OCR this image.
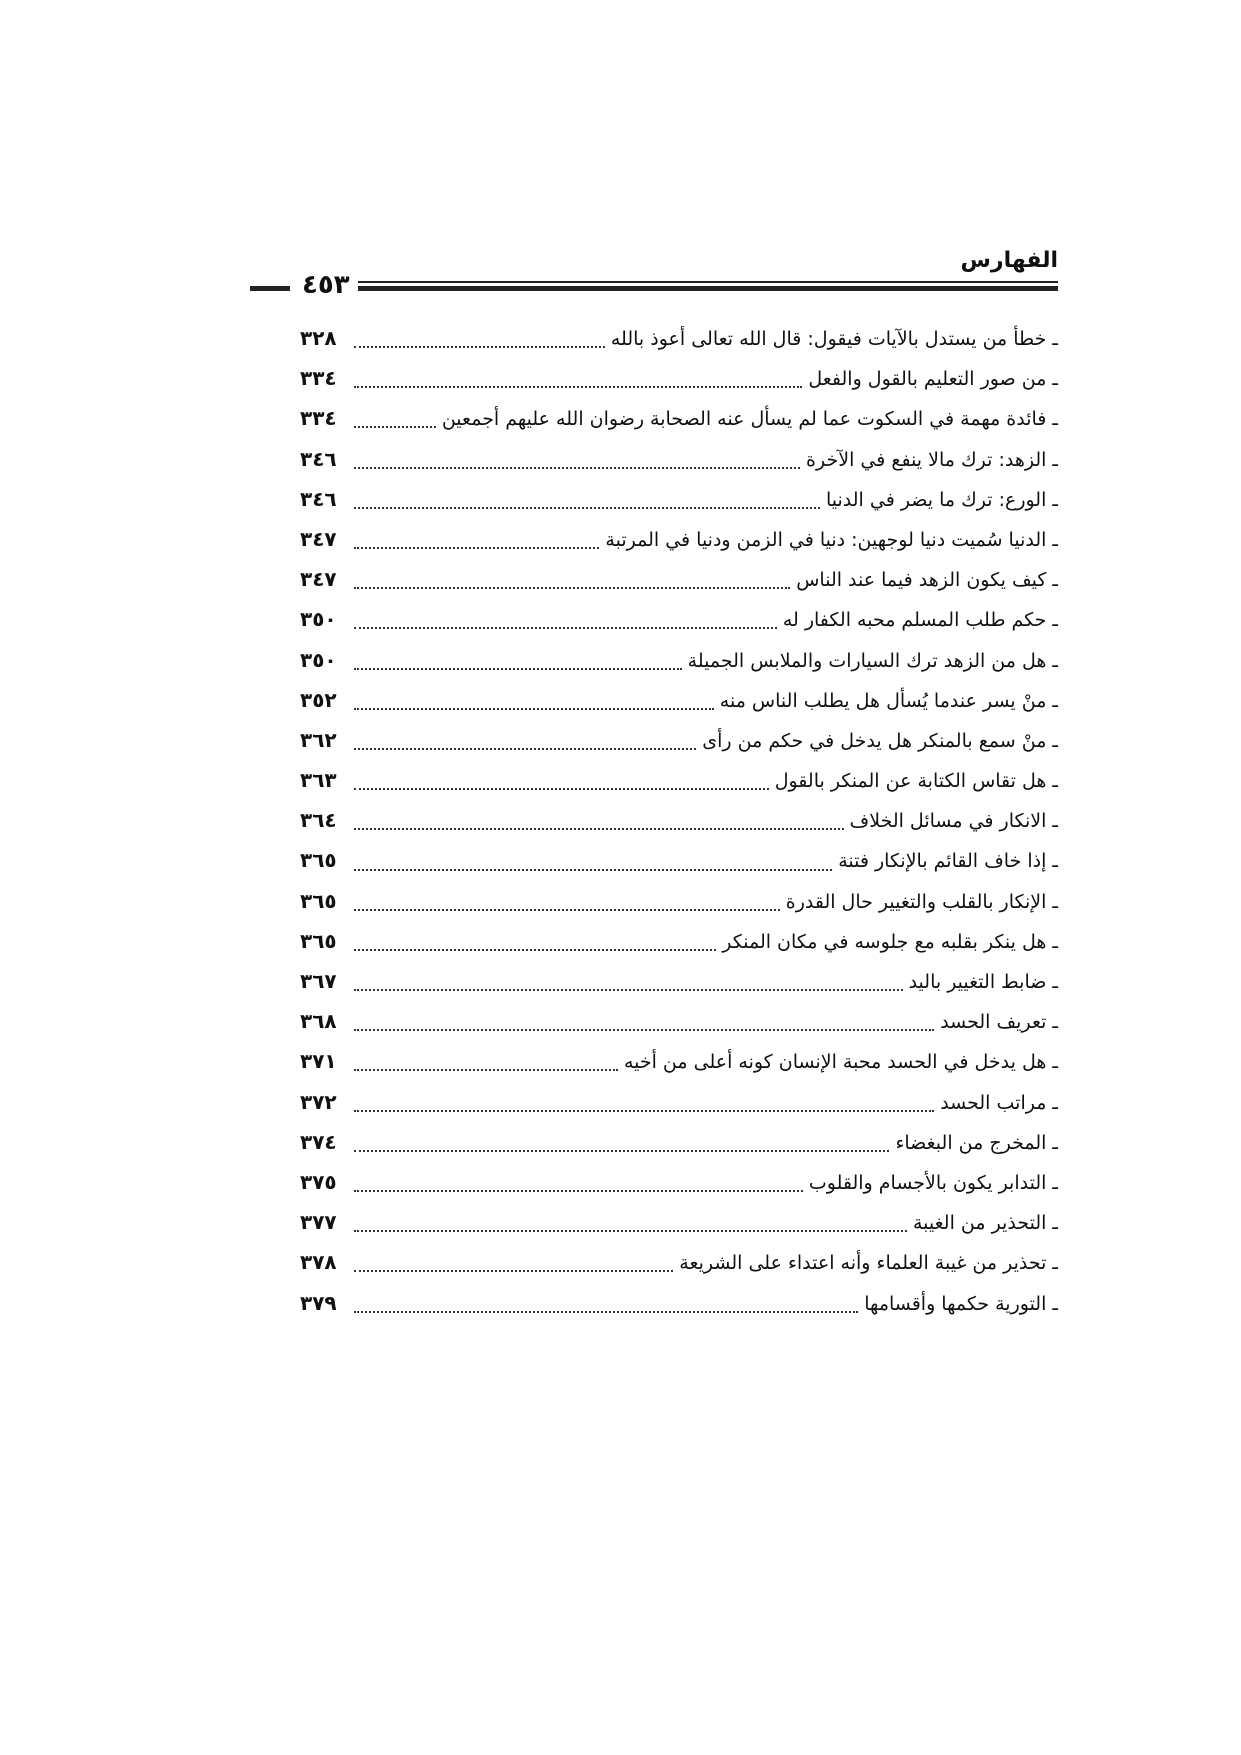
الفهارس
٤٥٣
ـ خطأ من يستدل بالآيات فيقول: قال الله تعالى أعوذ بالله
٣٢٨
ـ من صور التعليم بالقول والفعل
٣٣٤
ـ فائدة مهمة في السكوت عما لم يسأل عنه الصحابة رضوان الله عليهم أجمعين
٣٣٤
ـ الزهد: ترك مالا ينفع في الآخرة
٣٤٦
ـ الورع: ترك ما يضر في الدنيا
٣٤٦
ـ الدنيا سُميت دنيا لوجهين: دنيا في الزمن ودنيا في المرتبة
٣٤٧
ـ كيف يكون الزهد فيما عند الناس
٣٤٧
ـ حكم طلب المسلم محبه الكفار له
٣٥٠
ـ هل من الزهد ترك السيارات والملابس الجميلة
٣٥٠
ـ منْ يسر عندما يُسأل هل يطلب الناس منه
٣٥٢
ـ منْ سمع بالمنكر هل يدخل في حكم من رأى
٣٦٢
ـ هل تقاس الكتابة عن المنكر بالقول
٣٦٣
ـ الانكار في مسائل الخلاف
٣٦٤
ـ إذا خاف القائم بالإنكار فتنة
٣٦٥
ـ الإنكار بالقلب والتغيير حال القدرة
٣٦٥
ـ هل ينكر بقلبه مع جلوسه في مكان المنكر
٣٦٥
ـ ضابط التغيير باليد
٣٦٧
ـ تعريف الحسد
٣٦٨
ـ هل يدخل في الحسد محبة الإنسان كونه أعلى من أخيه
٣٧١
ـ مراتب الحسد
٣٧٢
ـ المخرج من البغضاء
٣٧٤
ـ التدابر يكون بالأجسام والقلوب
٣٧٥
ـ التحذير من الغيبة
٣٧٧
ـ تحذير من غيبة العلماء وأنه اعتداء على الشريعة
٣٧٨
ـ التورية حكمها وأقسامها
٣٧٩
